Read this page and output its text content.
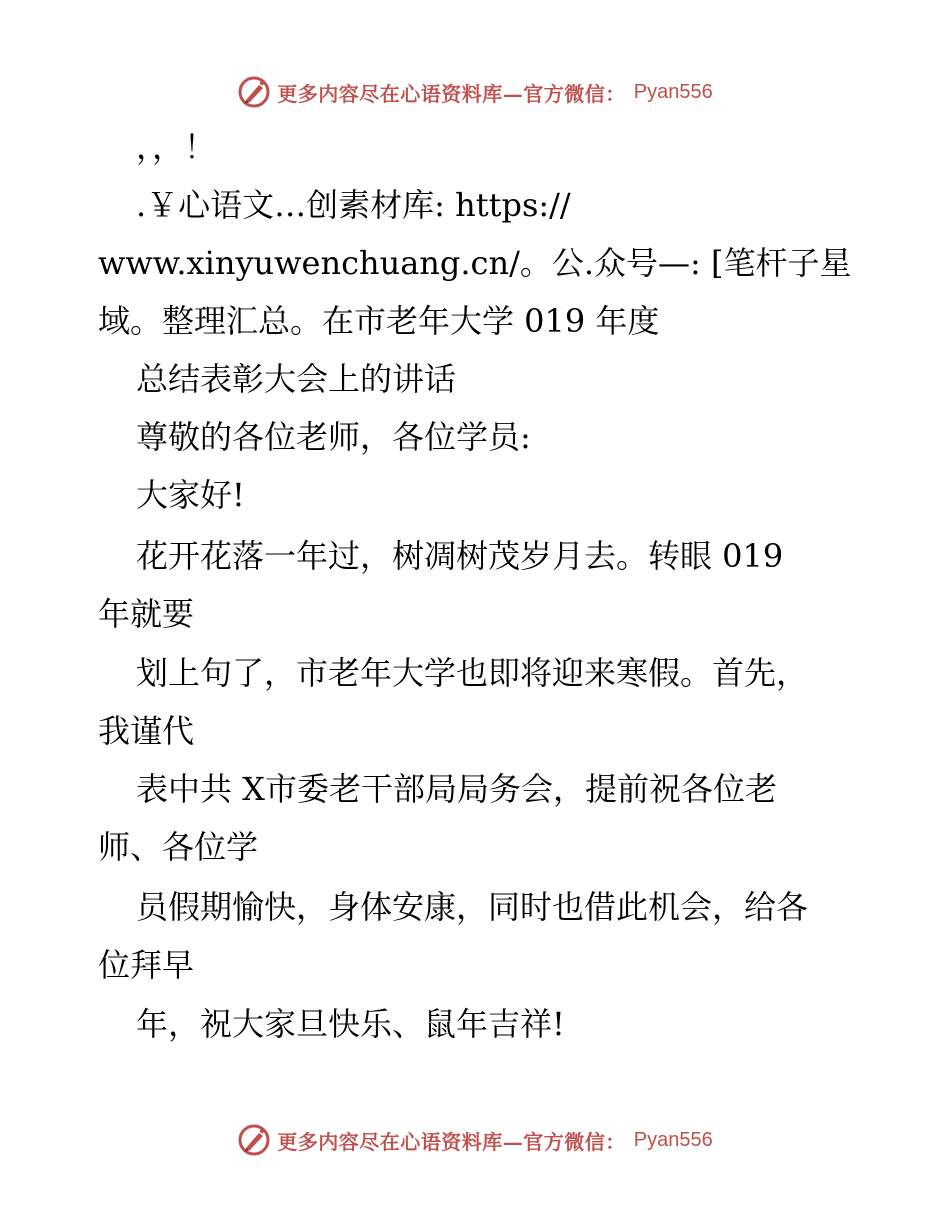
更多内容尽在心语资料库—官方微信： Pyan556
，，！
.￥心语文…创素材库: https://
www.xinyuwenchuang.cn/。公.众号—: [笔杆子星
域。整理汇总。在市老年大学 019 年度
总结表彰大会上的讲话
尊敬的各位老师，各位学员:
大家好!
花开花落一年过，树凋树茂岁月去。转眼 019
年就要
划上句了，市老年大学也即将迎来寒假。首先，
我谨代
表中共 X市委老干部局局务会，提前祝各位老
师、各位学
员假期愉快，身体安康，同时也借此机会，给各
位拜早
年，祝大家旦快乐、鼠年吉祥!
更多内容尽在心语资料库—官方微信： Pyan556
